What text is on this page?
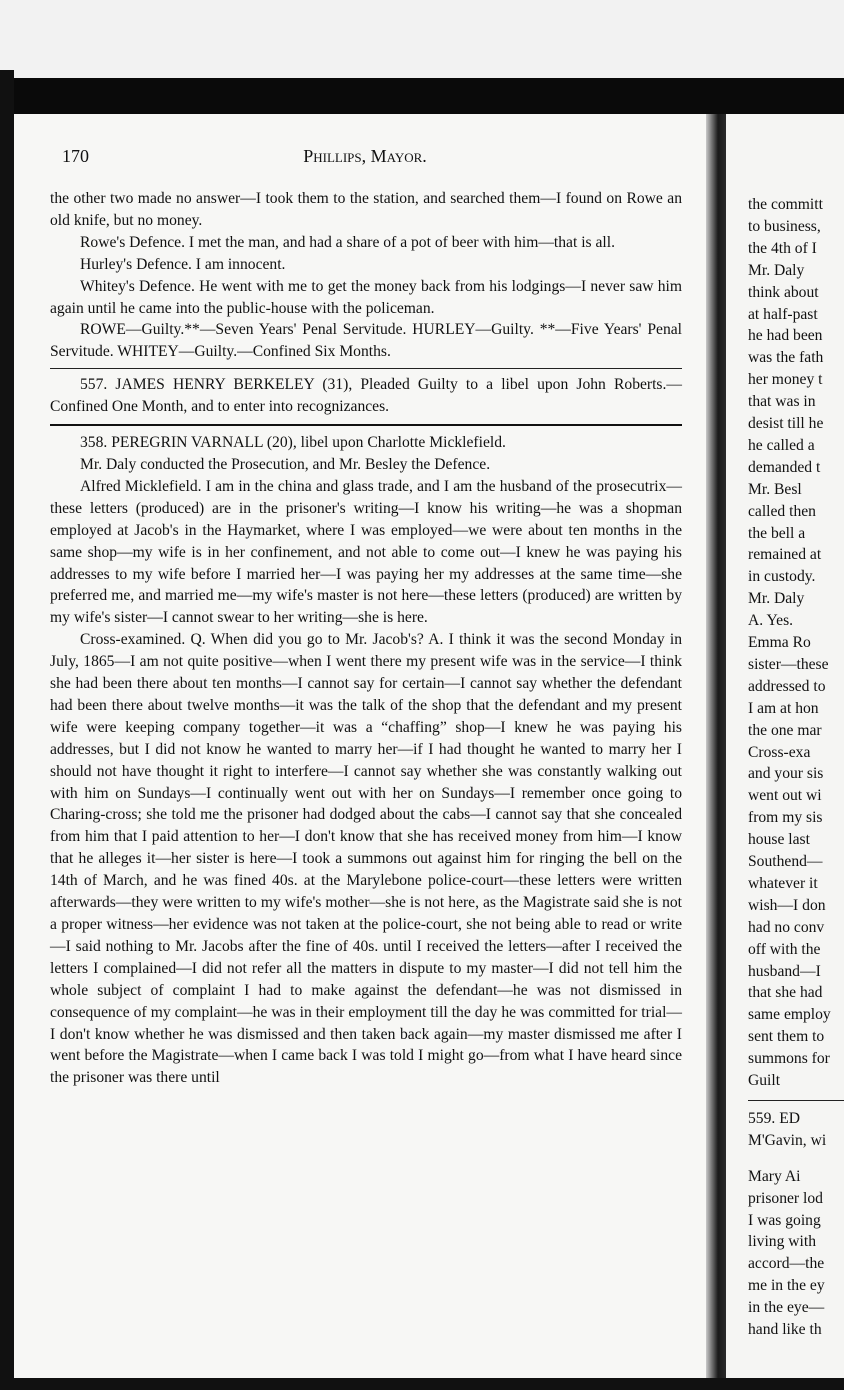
the committ
to business,
the 4th of I
Mr. Daly
think about
at half-past
he had been
was the fath
her money t
that was in
desist till he
he called a
demanded t
Mr. Besl
called then
the bell a
remained at
in custody.
Mr. Daly
A. Yes.
Emma Ro
sister—these
addressed to
I am at hon
the one mar
Cross-exa
and your sis
went out wi
from my sis
house last
Southend—
whatever it
wish—I don
had no conv
off with the
husband—I
that she had
same employ
sent them to
summons for
Guilt
559. ED
M'Gavin, wi
Mary Ai
prisoner lod
I was going
living with
accord—the
me in the ey
in the eye—
hand like th
170	Phillips, Mayor.

the other two made no answer—I took them to the station, and searched them—I found on Rowe an old knife, but no money.

Rowe's Defence. I met the man, and had a share of a pot of beer with him—that is all.

Hurley's Defence. I am innocent.

Whitey's Defence. He went with me to get the money back from his lodgings—I never saw him again until he came into the public-house with the policeman.

ROWE—Guilty.**—Seven Years' Penal Servitude. HURLEY—Guilty. **—Five Years' Penal Servitude. WHITEY—Guilty.—Confined Six Months.

557. JAMES HENRY BERKELEY (31), Pleaded Guilty to a libel upon John Roberts.—Confined One Month, and to enter into recognizances.

358. PEREGRIN VARNALL (20), libel upon Charlotte Micklefield.

Mr. Daly conducted the Prosecution, and Mr. Besley the Defence.

Alfred Micklefield. I am in the china and glass trade, and I am the husband of the prosecutrix—these letters (produced) are in the prisoner's writing—I know his writing—he was a shopman employed at Jacob's in the Haymarket, where I was employed—we were about ten months in the same shop—my wife is in her confinement, and not able to come out—I knew he was paying his addresses to my wife before I married her—I was paying her my addresses at the same time—she preferred me, and married me—my wife's master is not here—these letters (produced) are written by my wife's sister—I cannot swear to her writing—she is here.

Cross-examined. Q. When did you go to Mr. Jacob's? A. I think it was the second Monday in July, 1865—I am not quite positive—when I went there my present wife was in the service—I think she had been there about ten months—I cannot say for certain—I cannot say whether the defendant had been there about twelve months—it was the talk of the shop that the defendant and my present wife were keeping company together—it was a “chaffing” shop—I knew he was paying his addresses, but I did not know he wanted to marry her—if I had thought he wanted to marry her I should not have thought it right to interfere—I cannot say whether she was constantly walking out with him on Sundays—I continually went out with her on Sundays—I remember once going to Charing-cross; she told me the prisoner had dodged about the cabs—I cannot say that she concealed from him that I paid attention to her—I don't know that she has received money from him—I know that he alleges it—her sister is here—I took a summons out against him for ringing the bell on the 14th of March, and he was fined 40s. at the Marylebone police-court—these letters were written afterwards—they were written to my wife's mother—she is not here, as the Magistrate said she is not a proper witness—her evidence was not taken at the police-court, she not being able to read or write—I said nothing to Mr. Jacobs after the fine of 40s. until I received the letters—after I received the letters I complained—I did not refer all the matters in dispute to my master—I did not tell him the whole subject of complaint I had to make against the defendant—he was not dismissed in consequence of my complaint—he was in their employment till the day he was committed for trial—I don't know whether he was dismissed and then taken back again—my master dismissed me after I went before the Magistrate—when I came back I was told I might go—from what I have heard since the prisoner was there until
